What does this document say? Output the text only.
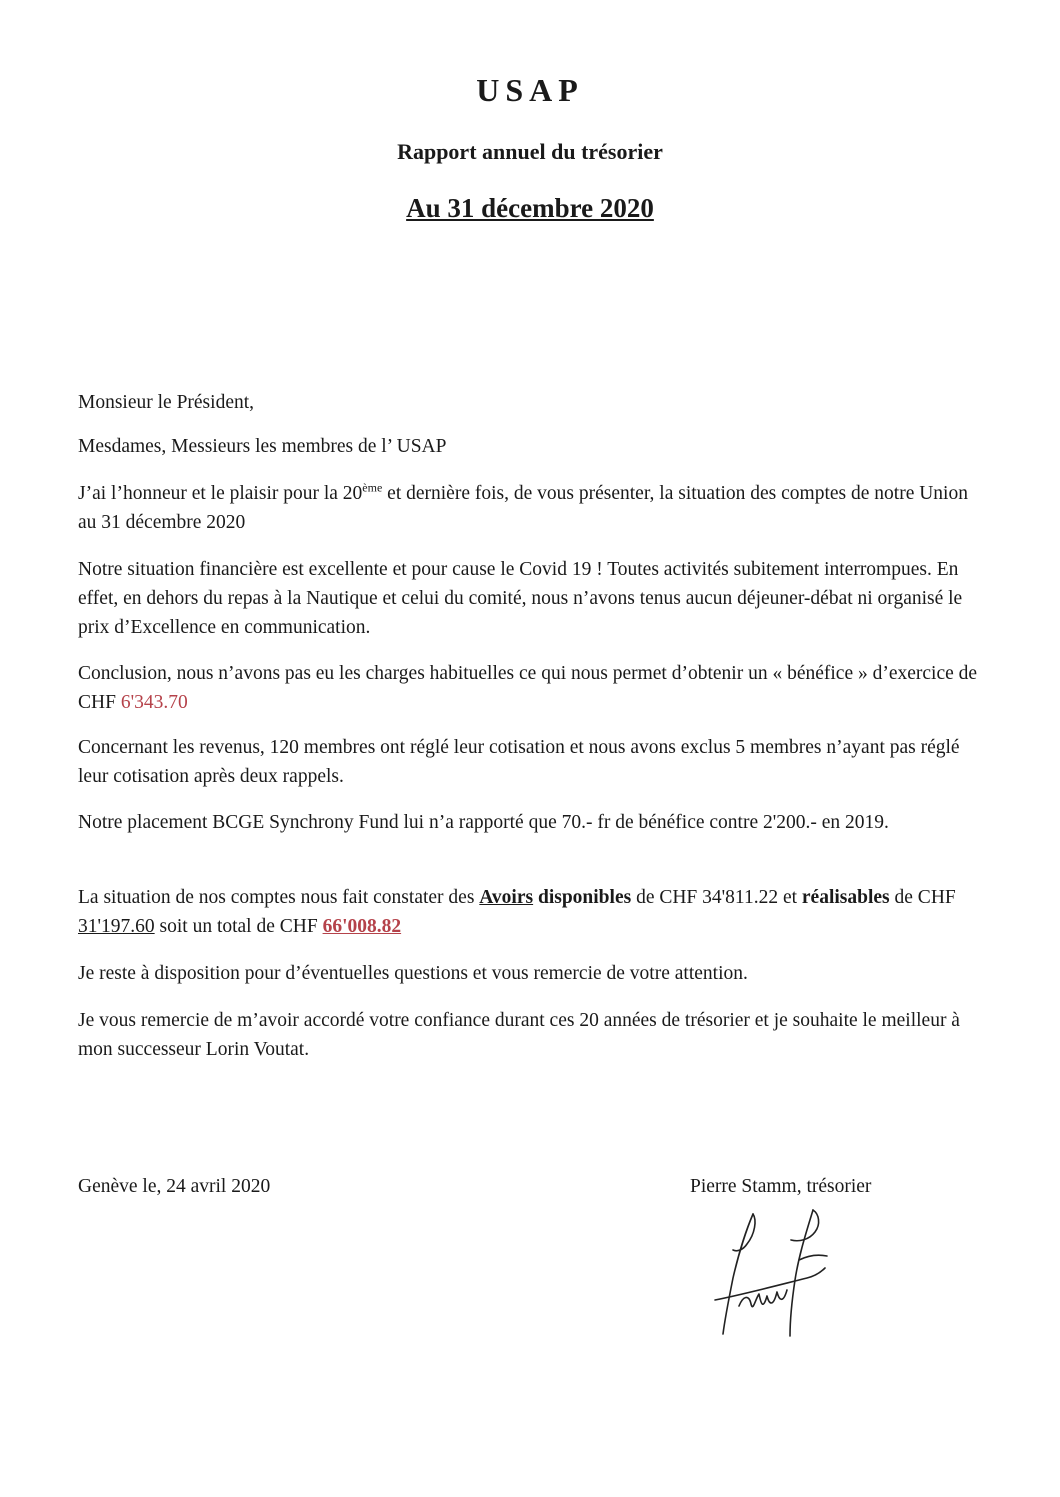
USAP
Rapport annuel du trésorier
Au 31 décembre 2020

Monsieur le Président,

Mesdames, Messieurs les membres de l’ USAP

J’ai l’honneur et le plaisir pour la 20ème et dernière fois, de vous présenter, la situation des comptes de notre Union au 31 décembre 2020

Notre situation financière est excellente et pour cause le Covid 19 ! Toutes activités subitement interrompues. En effet, en dehors du repas à la Nautique et celui du comité, nous n’avons tenus aucun déjeuner-débat ni organisé le prix d’Excellence en communication.

Conclusion, nous n’avons pas eu les charges habituelles ce qui nous permet d’obtenir un « bénéfice » d’exercice de CHF 6'343.70

Concernant les revenus, 120 membres ont réglé leur cotisation et nous avons exclus 5 membres n’ayant pas réglé leur cotisation après deux rappels.

Notre placement BCGE Synchrony Fund lui n’a rapporté que 70.- fr de bénéfice contre 2'200.- en 2019.

La situation de nos comptes nous fait constater des Avoirs disponibles de CHF 34'811.22 et réalisables de CHF 31'197.60 soit un total de CHF 66'008.82

Je reste à disposition pour d’éventuelles questions et vous remercie de votre attention.

Je vous remercie de m’avoir accordé votre confiance durant ces 20 années de trésorier et je souhaite le meilleur à mon successeur Lorin Voutat.

Genève le, 24 avril 2020	Pierre Stamm, trésorier
